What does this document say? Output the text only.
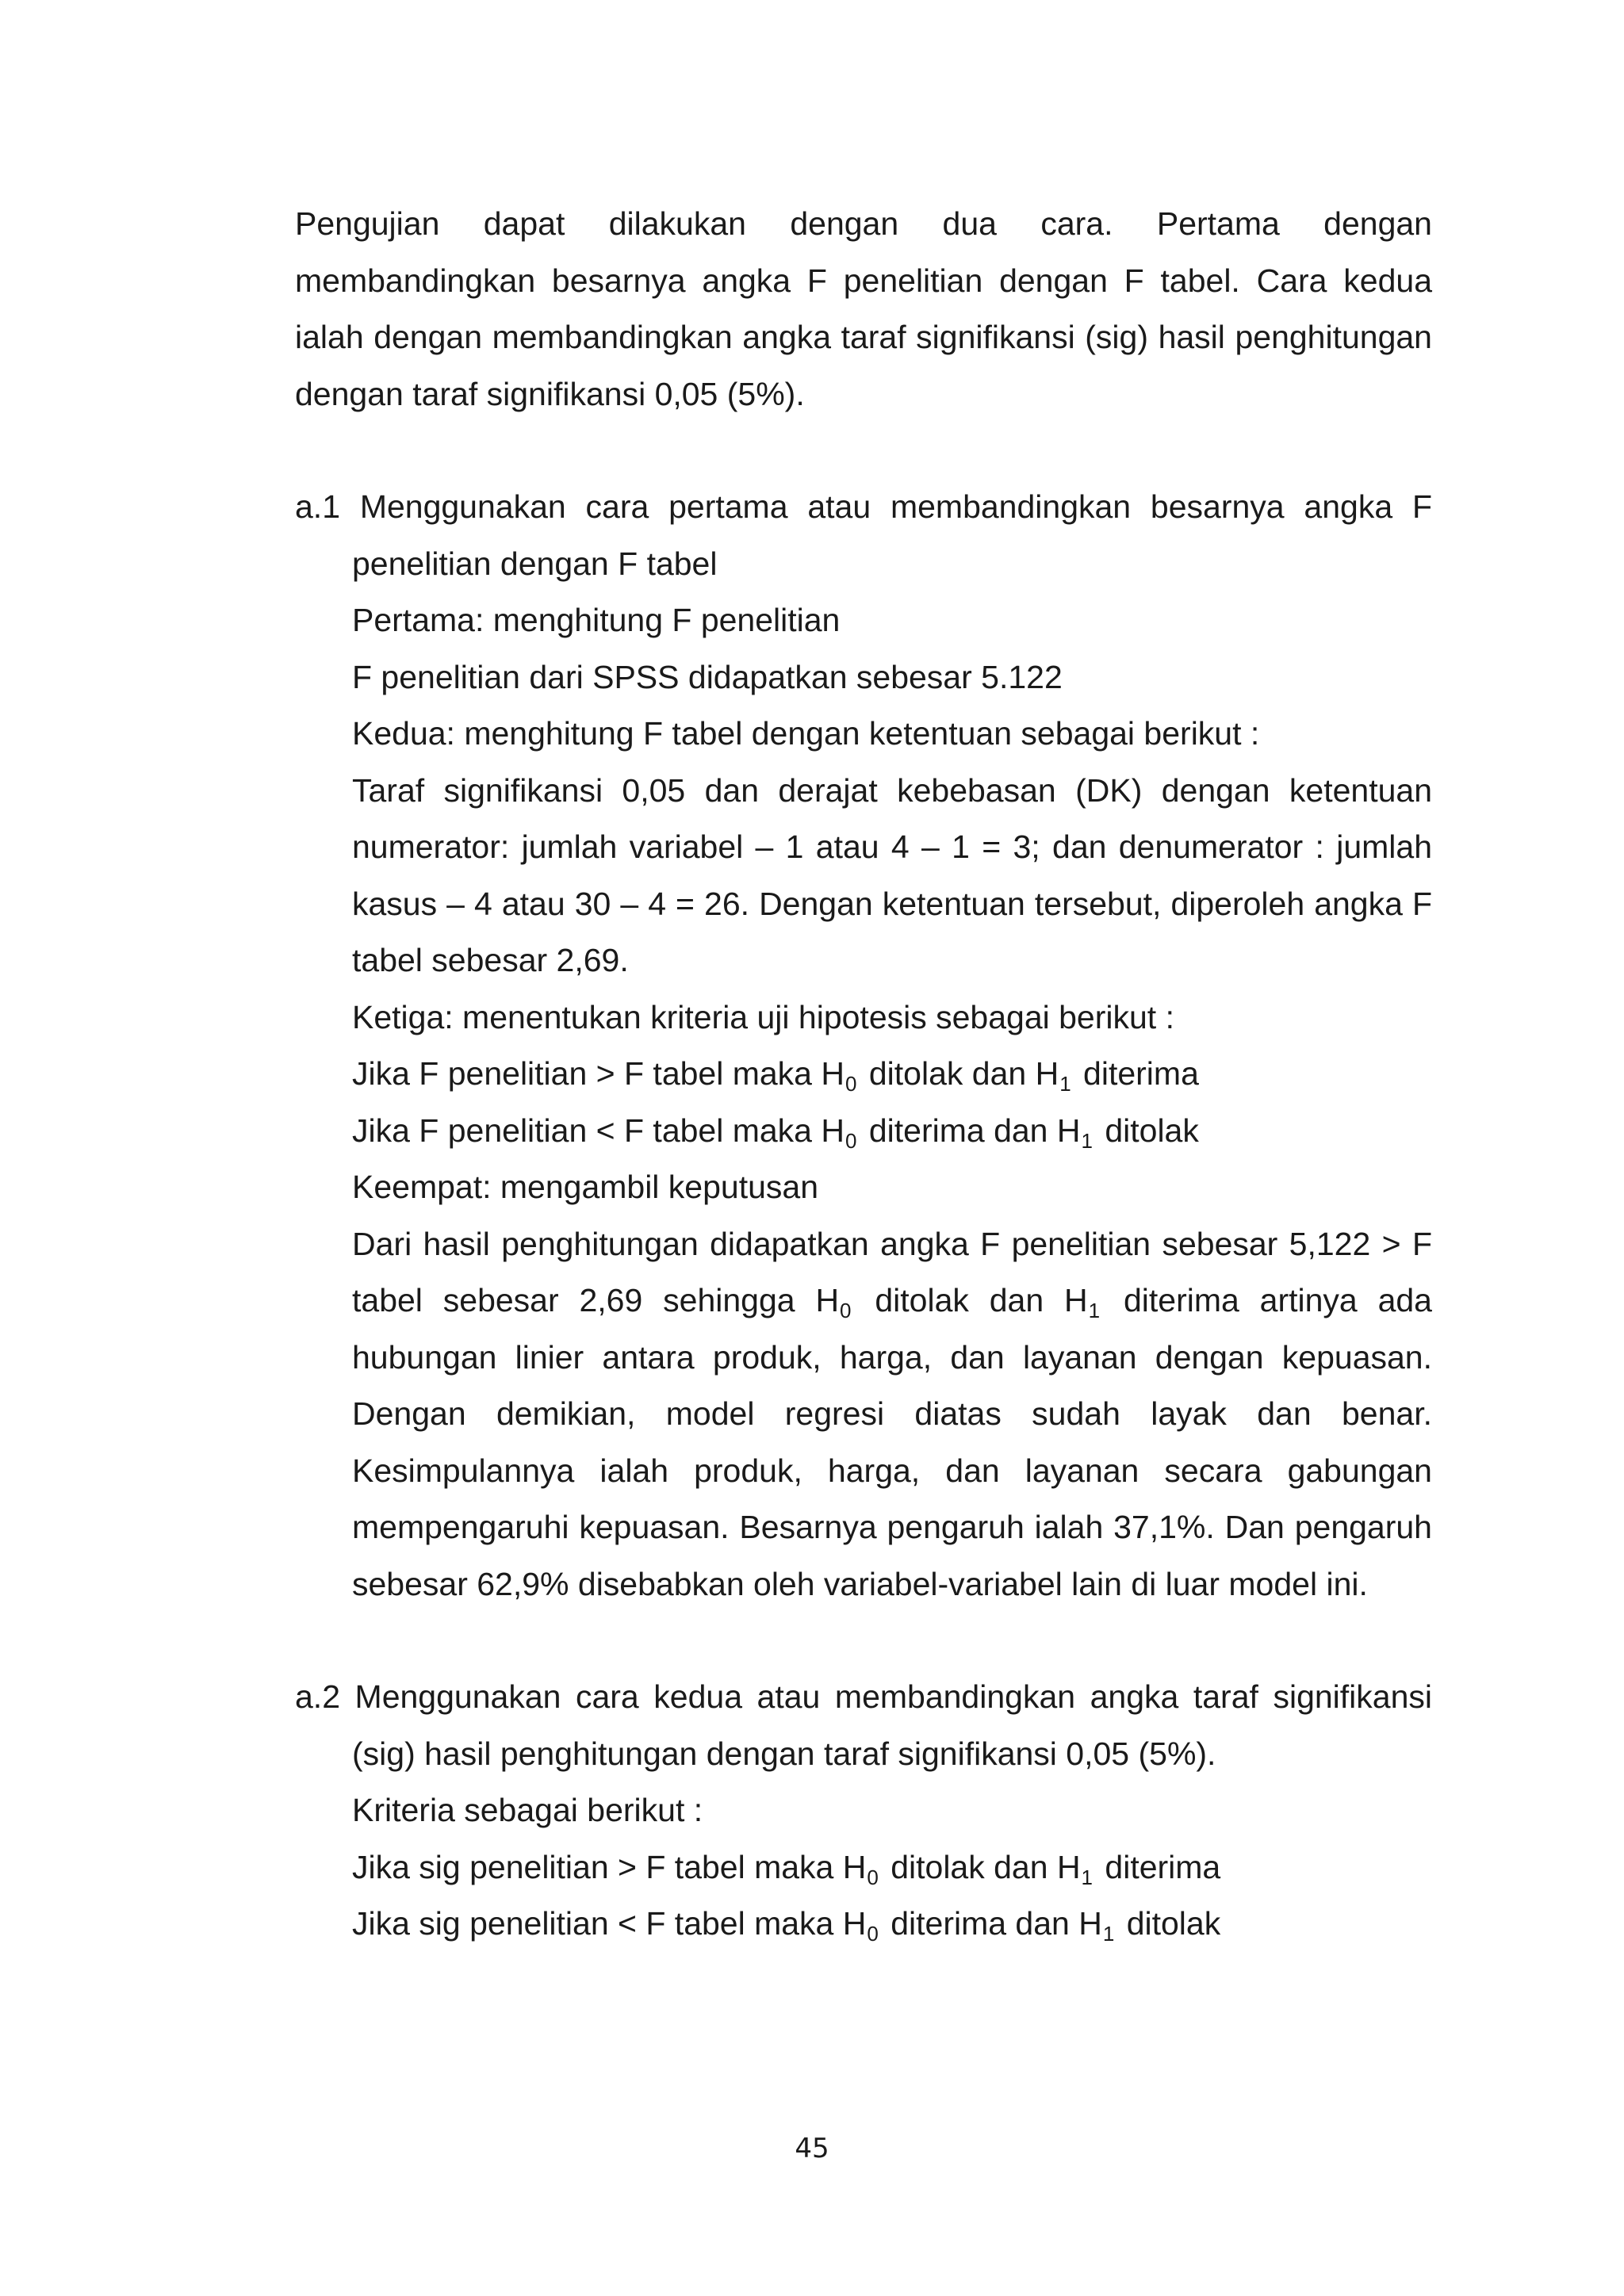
Pengujian dapat dilakukan dengan dua cara. Pertama dengan membandingkan besarnya angka F penelitian dengan F tabel. Cara kedua ialah dengan membandingkan angka taraf signifikansi (sig) hasil penghitungan dengan taraf signifikansi 0,05 (5%).

a.1 Menggunakan cara pertama atau membandingkan besarnya angka F penelitian dengan F tabel

Pertama: menghitung F penelitian

F penelitian dari SPSS didapatkan sebesar 5.122

Kedua: menghitung F tabel dengan ketentuan sebagai berikut :

Taraf signifikansi 0,05 dan derajat kebebasan (DK) dengan ketentuan numerator: jumlah variabel – 1 atau 4 – 1 = 3; dan denumerator : jumlah kasus – 4 atau 30 – 4 = 26. Dengan ketentuan tersebut, diperoleh angka F tabel sebesar 2,69.

Ketiga: menentukan kriteria uji hipotesis sebagai berikut :

Jika F penelitian > F tabel maka $H_0$ ditolak dan $H_1$ diterima

Jika F penelitian < F tabel maka $H_0$ diterima dan $H_1$ ditolak

Keempat: mengambil keputusan

Dari hasil penghitungan didapatkan angka F penelitian sebesar 5,122 > F tabel sebesar 2,69 sehingga $H_0$ ditolak dan $H_1$ diterima artinya ada hubungan linier antara produk, harga, dan layanan dengan kepuasan. Dengan demikian, model regresi diatas sudah layak dan benar. Kesimpulannya ialah produk, harga, dan layanan secara gabungan mempengaruhi kepuasan. Besarnya pengaruh ialah 37,1%. Dan pengaruh sebesar 62,9% disebabkan oleh variabel-variabel lain di luar model ini.

a.2 Menggunakan cara kedua atau membandingkan angka taraf signifikansi (sig) hasil penghitungan dengan taraf signifikansi 0,05 (5%).

Kriteria sebagai berikut :

Jika sig penelitian > F tabel maka $H_0$ ditolak dan $H_1$ diterima

Jika sig penelitian < F tabel maka $H_0$ diterima dan $H_1$ ditolak

45
